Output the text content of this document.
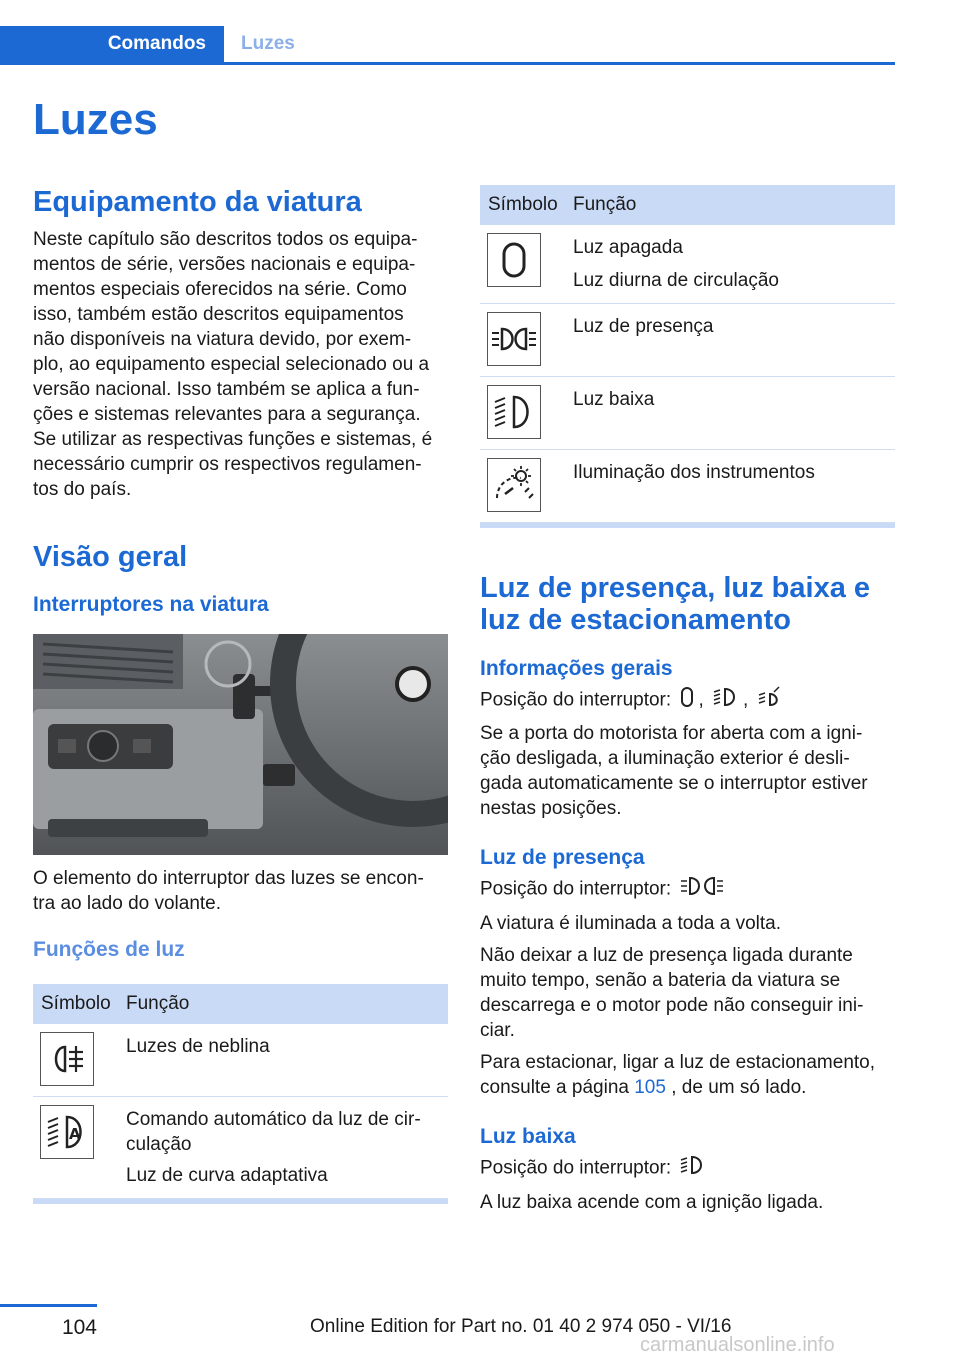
Comandos	Luzes
Luzes
Equipamento da viatura
Neste capítulo são descritos todos os equipa‐
mentos de série, versões nacionais e equipa‐
mentos especiais oferecidos na série. Como
isso, também estão descritos equipamentos
não disponíveis na viatura devido, por exem‐
plo, ao equipamento especial selecionado ou a
versão nacional. Isso também se aplica a fun‐
ções e sistemas relevantes para a segurança.
Se utilizar as respectivas funções e sistemas, é
necessário cumprir os respectivos regulamen‐
tos do país.
Visão geral
Interruptores na viatura
O elemento do interruptor das luzes se encon‐
tra ao lado do volante.
Funções de luz
Símbolo	Função

Luzes de neblina

A	Comando automático da luz de cir‐
culação
Luz de curva adaptativa
Símbolo	Função

Luz apagada
Luz diurna de circulação

Luz de presença

Luz baixa

Iluminação dos instrumentos
Luz de presença, luz baixa e
luz de estacionamento
Informações gerais
Posição do interruptor: , ,
Se a porta do motorista for aberta com a igni‐
ção desligada, a iluminação exterior é desli‐
gada automaticamente se o interruptor estiver
nestas posições.
Luz de presença
Posição do interruptor:
A viatura é iluminada a toda a volta.
Não deixar a luz de presença ligada durante
muito tempo, senão a bateria da viatura se
descarrega e o motor pode não conseguir ini‐
ciar.
Para estacionar, ligar a luz de estacionamento,
consulte a página 105 , de um só lado.
Luz baixa
Posição do interruptor:
A luz baixa acende com a ignição ligada.
104	Online Edition for Part no. 01 40 2 974 050 - VI/16
carmanualsonline.info
